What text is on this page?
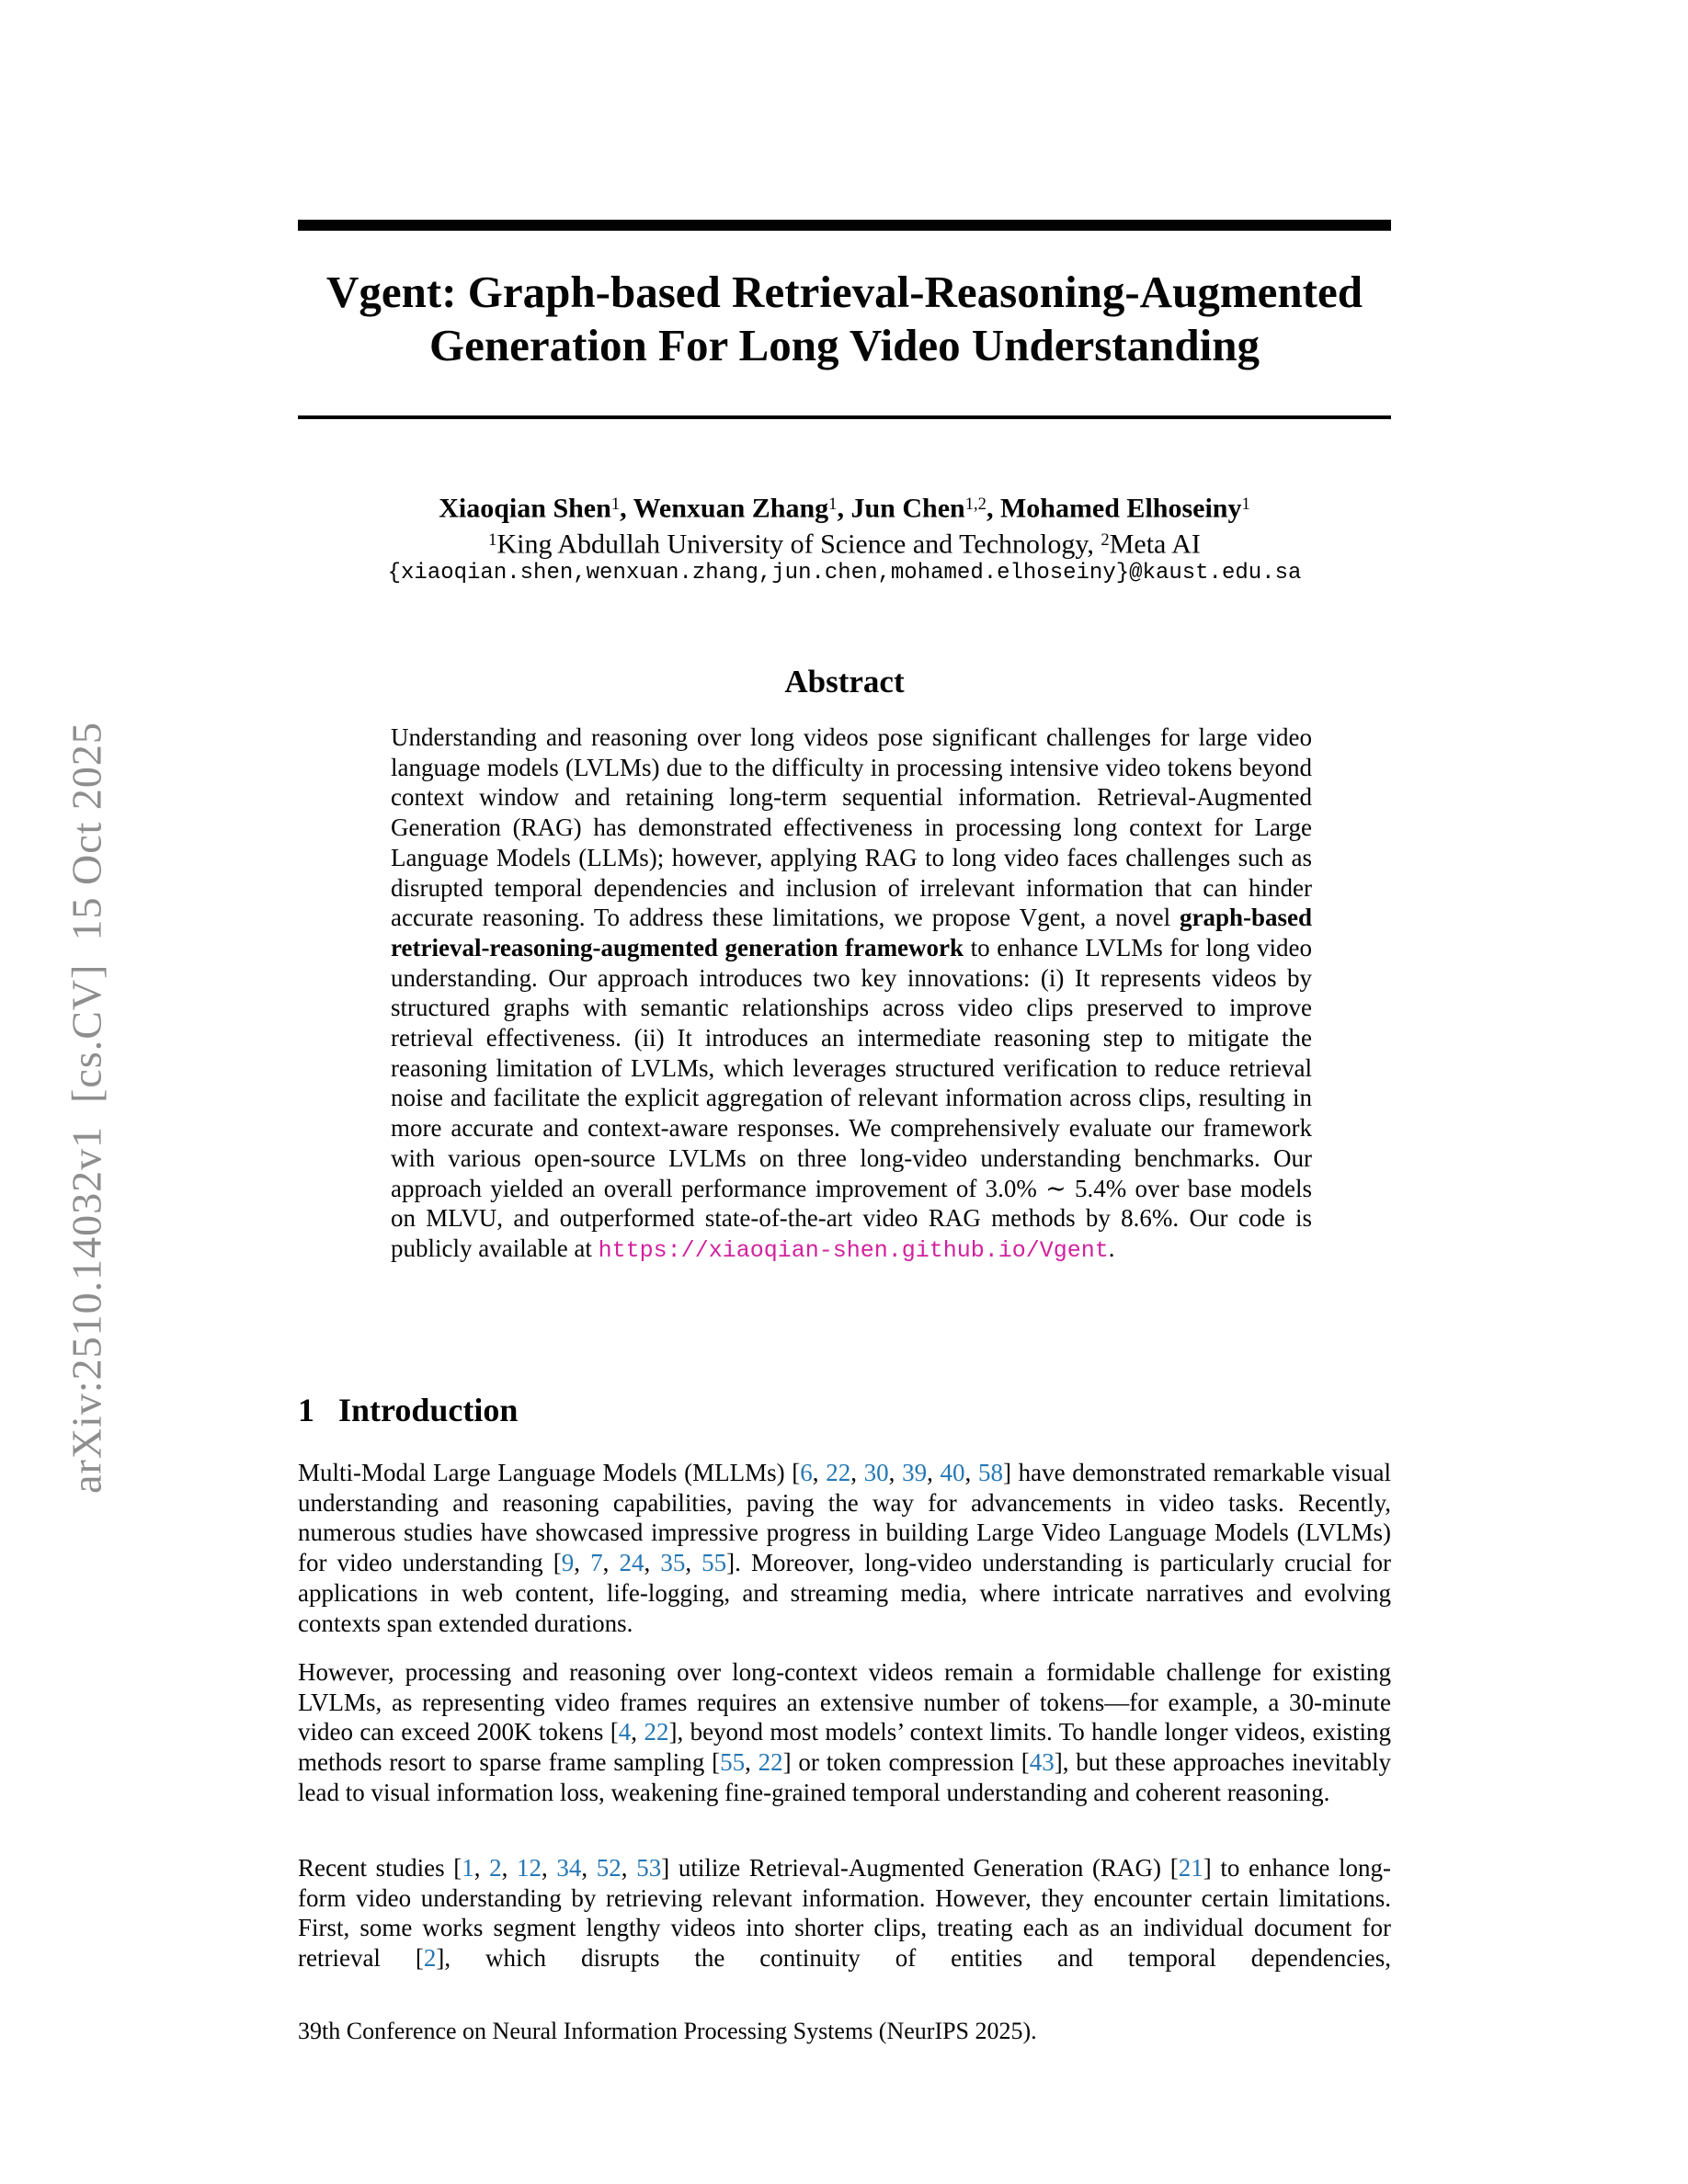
arXiv:2510.14032v1  [cs.CV]  15 Oct 2025
Vgent: Graph-based Retrieval-Reasoning-Augmented
Generation For Long Video Understanding
Xiaoqian Shen$^1$, Wenxuan Zhang$^1$, Jun Chen$^{1,2}$, Mohamed Elhoseiny$^1$
$^1$King Abdullah University of Science and Technology, $^2$Meta AI
{xiaoqian.shen,wenxuan.zhang,jun.chen,mohamed.elhoseiny}@kaust.edu.sa
Abstract
Understanding and reasoning over long videos pose significant challenges for large video language models (LVLMs) due to the difficulty in processing intensive video tokens beyond context window and retaining long-term sequential information. Retrieval-Augmented Generation (RAG) has demonstrated effectiveness in processing long context for Large Language Models (LLMs); however, applying RAG to long video faces challenges such as disrupted temporal dependencies and inclusion of irrelevant information that can hinder accurate reasoning. To address these limitations, we propose Vgent, a novel graph-based retrieval-reasoning-augmented generation framework to enhance LVLMs for long video understanding. Our approach introduces two key innovations: (i) It represents videos by structured graphs with semantic relationships across video clips preserved to improve retrieval effectiveness. (ii) It introduces an intermediate reasoning step to mitigate the reasoning limitation of LVLMs, which leverages structured verification to reduce retrieval noise and facilitate the explicit aggregation of relevant information across clips, resulting in more accurate and context-aware responses. We comprehensively evaluate our framework with various open-source LVLMs on three long-video understanding benchmarks. Our approach yielded an overall performance improvement of 3.0% ∼ 5.4% over base models on MLVU, and outperformed state-of-the-art video RAG methods by 8.6%. Our code is publicly available at https://xiaoqian-shen.github.io/Vgent.
1 Introduction

Multi-Modal Large Language Models (MLLMs) [6, 22, 30, 39, 40, 58] have demonstrated remarkable visual understanding and reasoning capabilities, paving the way for advancements in video tasks. Recently, numerous studies have showcased impressive progress in building Large Video Language Models (LVLMs) for video understanding [9, 7, 24, 35, 55]. Moreover, long-video understanding is particularly crucial for applications in web content, life-logging, and streaming media, where intricate narratives and evolving contexts span extended durations.

However, processing and reasoning over long-context videos remain a formidable challenge for existing LVLMs, as representing video frames requires an extensive number of tokens—for example, a 30-minute video can exceed 200K tokens [4, 22], beyond most models’ context limits. To handle longer videos, existing methods resort to sparse frame sampling [55, 22] or token compression [43], but these approaches inevitably lead to visual information loss, weakening fine-grained temporal understanding and coherent reasoning.

Recent studies [1, 2, 12, 34, 52, 53] utilize Retrieval-Augmented Generation (RAG) [21] to enhance long-form video understanding by retrieving relevant information. However, they encounter certain limitations. First, some works segment lengthy videos into shorter clips, treating each as an individual document for retrieval [2], which disrupts the continuity of entities and temporal dependencies,

39th Conference on Neural Information Processing Systems (NeurIPS 2025).
